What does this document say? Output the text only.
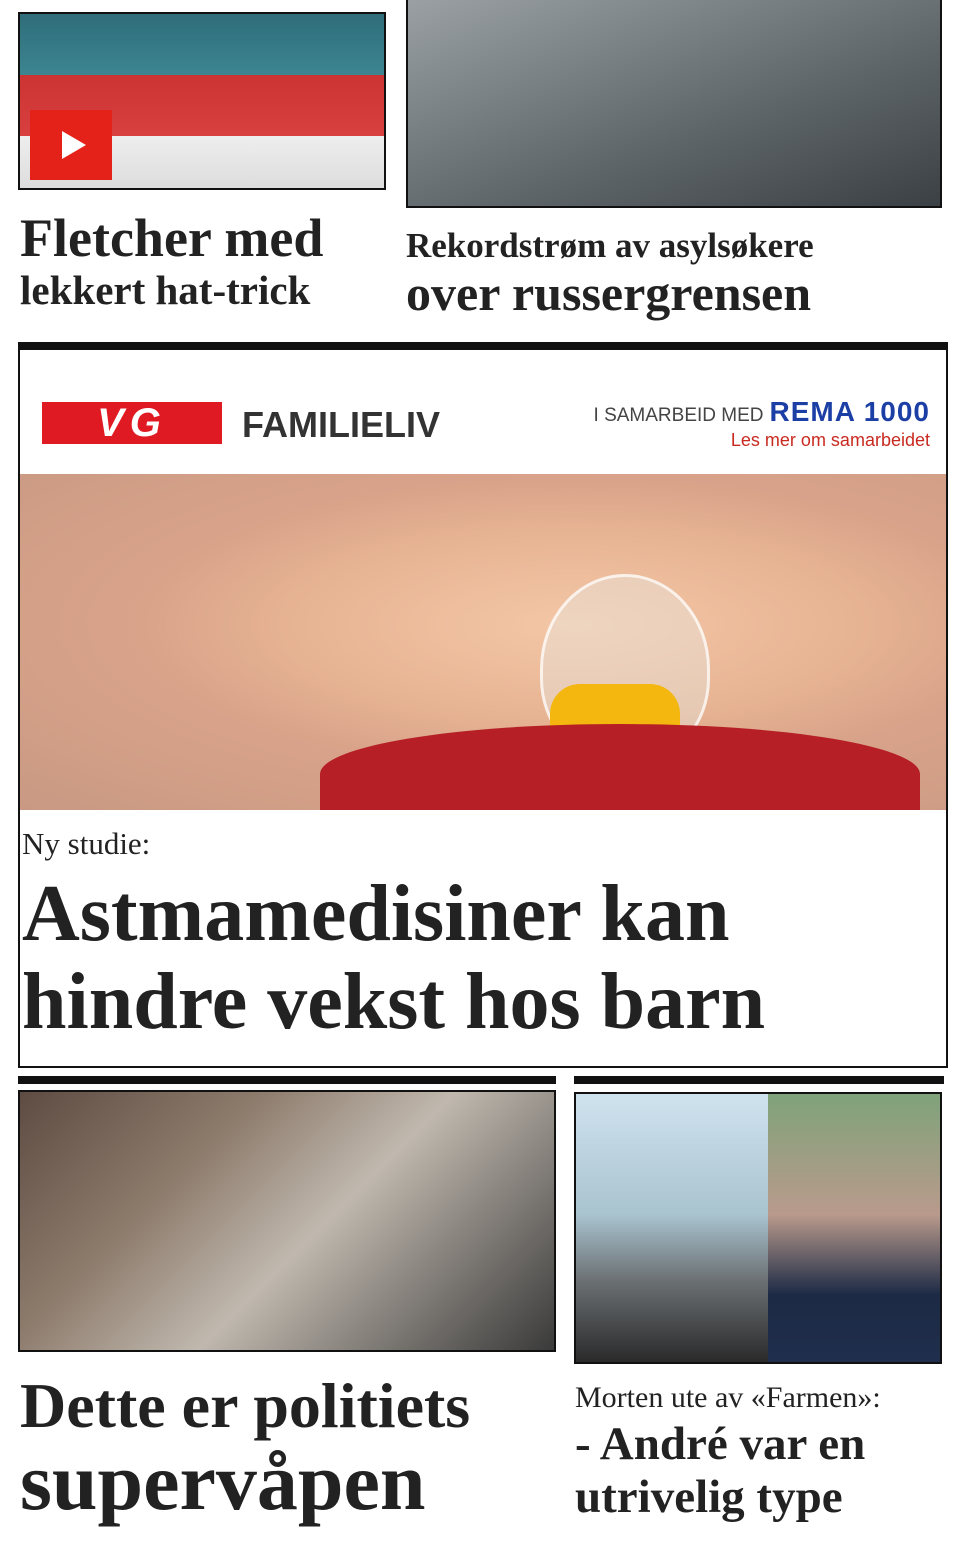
Fletcher med
lekkert hat-trick
Rekordstrøm av asylsøkere
over russergrensen
VG	FAMILIELIV	I SAMARBEID MED REMA 1000
Les mer om samarbeidet
Ny studie:
Astmamedisiner kan
hindre vekst hos barn
Dette er politiets
supervåpen
Morten ute av «Farmen»:
- André var en
utrivelig type
